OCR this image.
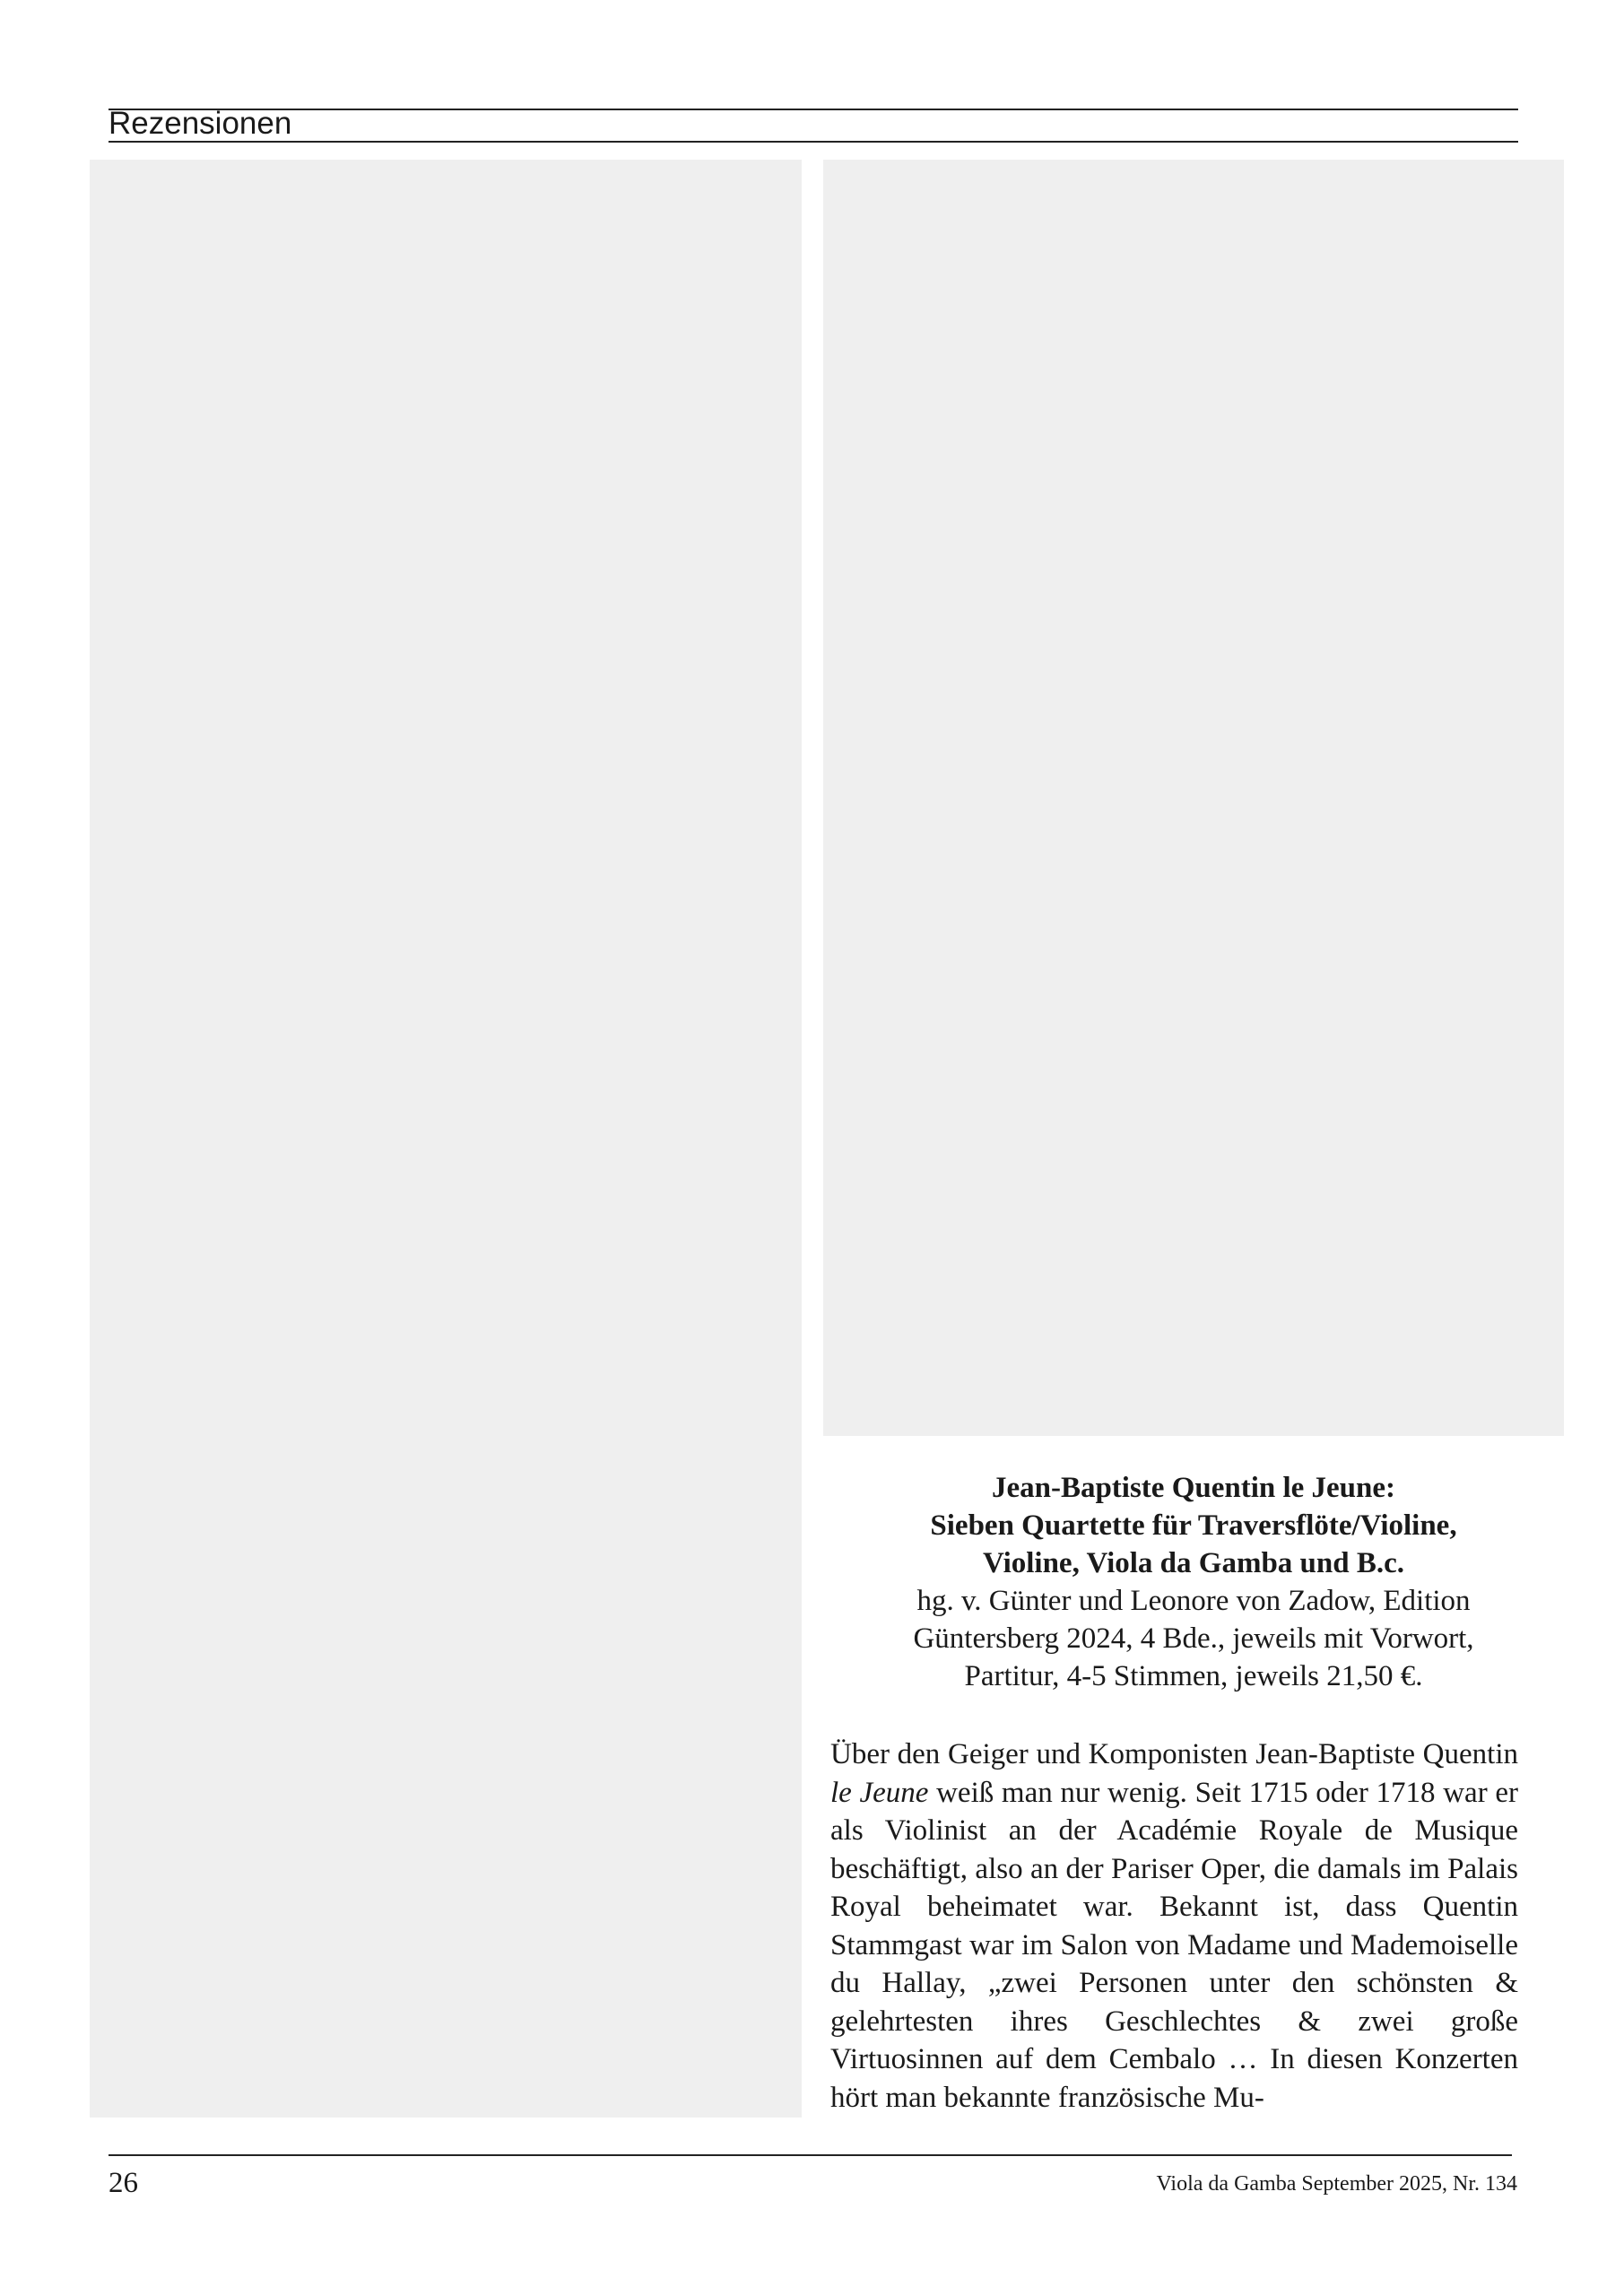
Rezensionen
Jean-Baptiste Quentin le Jeune:
Sieben Quartette für Traversflöte/Violine,
Violine, Viola da Gamba und B.c.
hg. v. Günter und Leonore von Zadow, Edition
Güntersberg 2024, 4 Bde., jeweils mit Vorwort,
Partitur, 4-5 Stimmen, jeweils 21,50 €.

Über den Geiger und Komponisten Jean-Baptiste Quentin le Jeune weiß man nur wenig. Seit 1715 oder 1718 war er als Violinist an der Académie Royale de Musique beschäftigt, also an der Pariser Oper, die damals im Palais Royal beheimatet war. Bekannt ist, dass Quentin Stammgast war im Salon von Madame und Mademoiselle du Hallay, „zwei Personen unter den schönsten & gelehrtesten ihres Geschlechtes & zwei große Virtuosinnen auf dem Cembalo … In diesen Konzerten hört man bekannte französische Mu-

26	Viola da Gamba September 2025, Nr. 134
